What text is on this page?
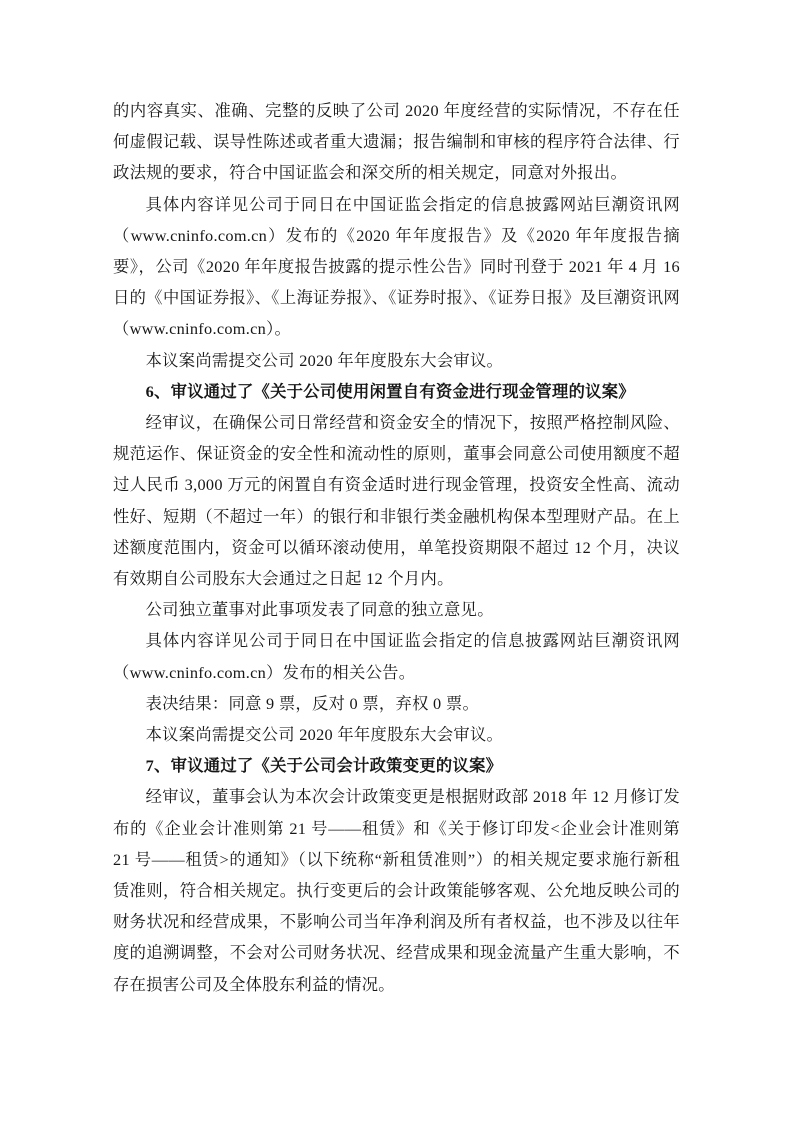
的内容真实、准确、完整的反映了公司 2020 年度经营的实际情况，不存在任何虚假记载、误导性陈述或者重大遗漏；报告编制和审核的程序符合法律、行政法规的要求，符合中国证监会和深交所的相关规定，同意对外报出。

具体内容详见公司于同日在中国证监会指定的信息披露网站巨潮资讯网（www.cninfo.com.cn）发布的《2020 年年度报告》及《2020 年年度报告摘要》，公司《2020 年年度报告披露的提示性公告》同时刊登于 2021 年 4 月 16 日的《中国证券报》、《上海证券报》、《证券时报》、《证券日报》及巨潮资讯网（www.cninfo.com.cn）。

本议案尚需提交公司 2020 年年度股东大会审议。

6、审议通过了《关于公司使用闲置自有资金进行现金管理的议案》

经审议，在确保公司日常经营和资金安全的情况下，按照严格控制风险、规范运作、保证资金的安全性和流动性的原则，董事会同意公司使用额度不超过人民币 3,000 万元的闲置自有资金适时进行现金管理，投资安全性高、流动性好、短期（不超过一年）的银行和非银行类金融机构保本型理财产品。在上述额度范围内，资金可以循环滚动使用，单笔投资期限不超过 12 个月，决议有效期自公司股东大会通过之日起 12 个月内。

公司独立董事对此事项发表了同意的独立意见。

具体内容详见公司于同日在中国证监会指定的信息披露网站巨潮资讯网（www.cninfo.com.cn）发布的相关公告。

表决结果：同意 9 票，反对 0 票，弃权 0 票。

本议案尚需提交公司 2020 年年度股东大会审议。

7、审议通过了《关于公司会计政策变更的议案》

经审议，董事会认为本次会计政策变更是根据财政部 2018 年 12 月修订发布的《企业会计准则第 21 号——租赁》和《关于修订印发<企业会计准则第 21 号——租赁>的通知》（以下统称“新租赁准则”）的相关规定要求施行新租赁准则，符合相关规定。执行变更后的会计政策能够客观、公允地反映公司的财务状况和经营成果，不影响公司当年净利润及所有者权益，也不涉及以往年度的追溯调整，不会对公司财务状况、经营成果和现金流量产生重大影响，不存在损害公司及全体股东利益的情况。
